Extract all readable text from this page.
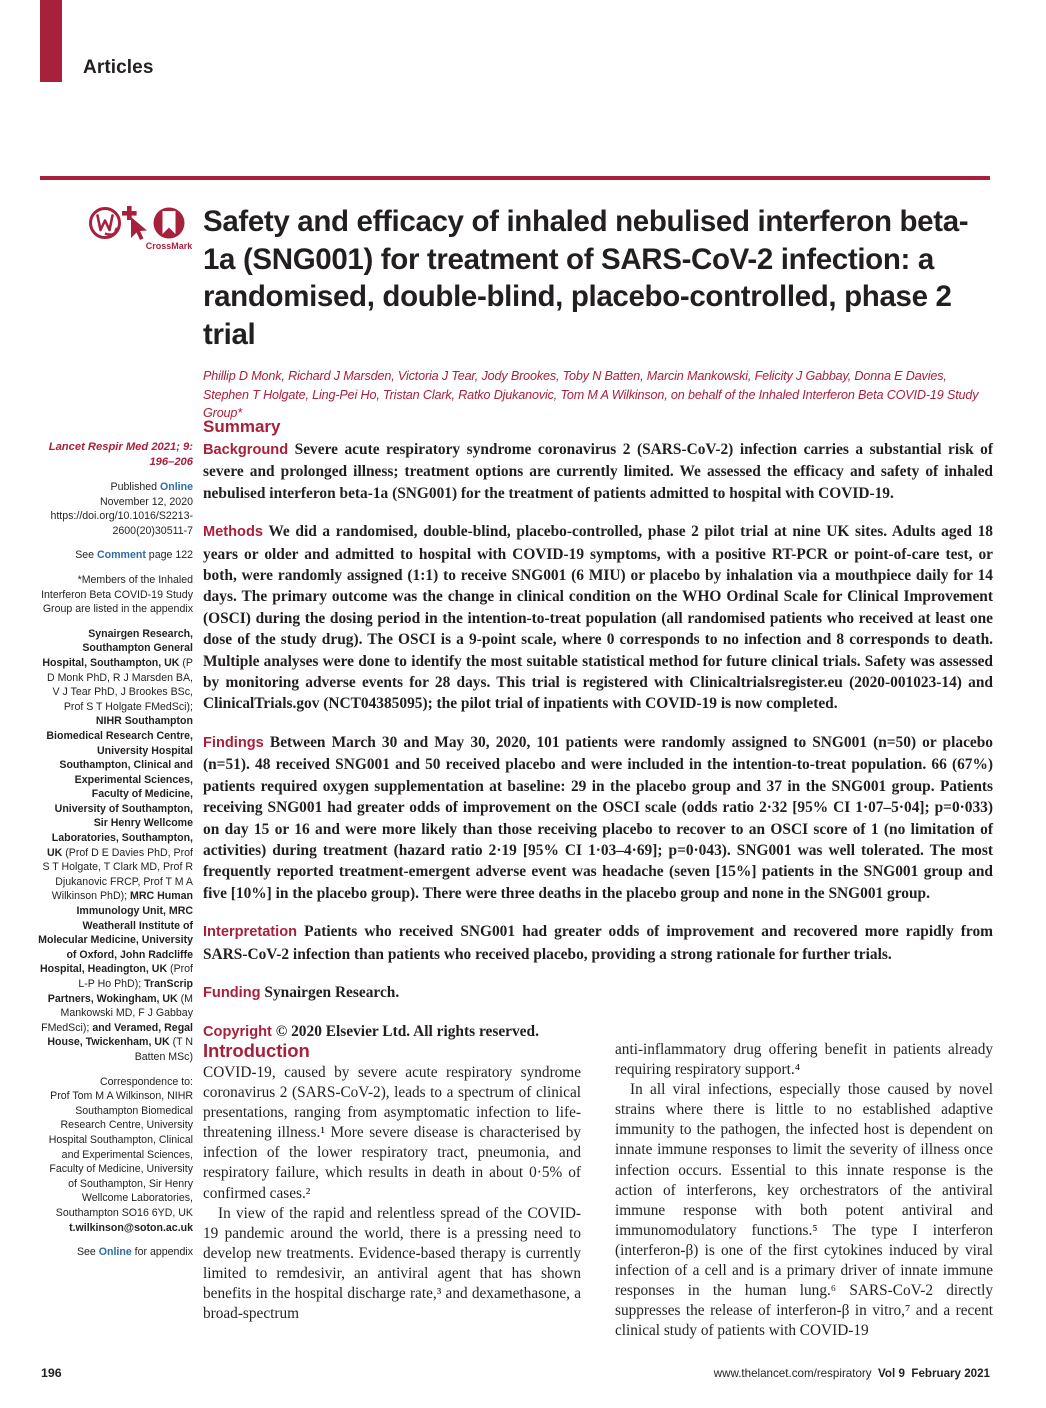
Articles
CrossMark
Safety and efficacy of inhaled nebulised interferon beta-1a (SNG001) for treatment of SARS-CoV-2 infection: a randomised, double-blind, placebo-controlled, phase 2 trial
Phillip D Monk, Richard J Marsden, Victoria J Tear, Jody Brookes, Toby N Batten, Marcin Mankowski, Felicity J Gabbay, Donna E Davies, Stephen T Holgate, Ling-Pei Ho, Tristan Clark, Ratko Djukanovic, Tom M A Wilkinson, on behalf of the Inhaled Interferon Beta COVID-19 Study Group*
Lancet Respir Med 2021; 9: 196–206
Published Online
November 12, 2020
https://doi.org/10.1016/S2213-2600(20)30511-7
See Comment page 122
*Members of the Inhaled Interferon Beta COVID-19 Study Group are listed in the appendix
Synairgen Research, Southampton General Hospital, Southampton, UK (P D Monk PhD, R J Marsden BA, V J Tear PhD, J Brookes BSc, Prof S T Holgate FMedSci); NIHR Southampton Biomedical Research Centre, University Hospital Southampton, Clinical and Experimental Sciences, Faculty of Medicine, University of Southampton, Sir Henry Wellcome Laboratories, Southampton, UK (Prof D E Davies PhD, Prof S T Holgate, T Clark MD, Prof R Djukanovic FRCP, Prof T M A Wilkinson PhD); MRC Human Immunology Unit, MRC Weatherall Institute of Molecular Medicine, University of Oxford, John Radcliffe Hospital, Headington, UK (Prof L-P Ho PhD); TranScrip Partners, Wokingham, UK (M Mankowski MD, F J Gabbay FMedSci); and Veramed, Regal House, Twickenham, UK (T N Batten MSc)
Correspondence to:
Prof Tom M A Wilkinson, NIHR Southampton Biomedical Research Centre, University Hospital Southampton, Clinical and Experimental Sciences, Faculty of Medicine, University of Southampton, Sir Henry Wellcome Laboratories, Southampton SO16 6YD, UK
t.wilkinson@soton.ac.uk
See Online for appendix
Summary

Background Severe acute respiratory syndrome coronavirus 2 (SARS-CoV-2) infection carries a substantial risk of severe and prolonged illness; treatment options are currently limited. We assessed the efficacy and safety of inhaled nebulised interferon beta-1a (SNG001) for the treatment of patients admitted to hospital with COVID-19.

Methods We did a randomised, double-blind, placebo-controlled, phase 2 pilot trial at nine UK sites. Adults aged 18 years or older and admitted to hospital with COVID-19 symptoms, with a positive RT-PCR or point-of-care test, or both, were randomly assigned (1:1) to receive SNG001 (6 MIU) or placebo by inhalation via a mouthpiece daily for 14 days. The primary outcome was the change in clinical condition on the WHO Ordinal Scale for Clinical Improvement (OSCI) during the dosing period in the intention-to-treat population (all randomised patients who received at least one dose of the study drug). The OSCI is a 9-point scale, where 0 corresponds to no infection and 8 corresponds to death. Multiple analyses were done to identify the most suitable statistical method for future clinical trials. Safety was assessed by monitoring adverse events for 28 days. This trial is registered with Clinicaltrialsregister.eu (2020-001023-14) and ClinicalTrials.gov (NCT04385095); the pilot trial of inpatients with COVID-19 is now completed.

Findings Between March 30 and May 30, 2020, 101 patients were randomly assigned to SNG001 (n=50) or placebo (n=51). 48 received SNG001 and 50 received placebo and were included in the intention-to-treat population. 66 (67%) patients required oxygen supplementation at baseline: 29 in the placebo group and 37 in the SNG001 group. Patients receiving SNG001 had greater odds of improvement on the OSCI scale (odds ratio 2·32 [95% CI 1·07–5·04]; p=0·033) on day 15 or 16 and were more likely than those receiving placebo to recover to an OSCI score of 1 (no limitation of activities) during treatment (hazard ratio 2·19 [95% CI 1·03–4·69]; p=0·043). SNG001 was well tolerated. The most frequently reported treatment-emergent adverse event was headache (seven [15%] patients in the SNG001 group and five [10%] in the placebo group). There were three deaths in the placebo group and none in the SNG001 group.

Interpretation Patients who received SNG001 had greater odds of improvement and recovered more rapidly from SARS-CoV-2 infection than patients who received placebo, providing a strong rationale for further trials.

Funding Synairgen Research.

Copyright © 2020 Elsevier Ltd. All rights reserved.

Introduction

COVID-19, caused by severe acute respiratory syndrome coronavirus 2 (SARS-CoV-2), leads to a spectrum of clinical presentations, ranging from asymptomatic infection to life-threatening illness.¹ More severe disease is characterised by infection of the lower respiratory tract, pneumonia, and respiratory failure, which results in death in about 0·5% of confirmed cases.²

In view of the rapid and relentless spread of the COVID-19 pandemic around the world, there is a pressing need to develop new treatments. Evidence-based therapy is currently limited to remdesivir, an antiviral agent that has shown benefits in the hospital discharge rate,³ and dexamethasone, a broad-spectrum

anti-inflammatory drug offering benefit in patients already requiring respiratory support.⁴

In all viral infections, especially those caused by novel strains where there is little to no established adaptive immunity to the pathogen, the infected host is dependent on innate immune responses to limit the severity of illness once infection occurs. Essential to this innate response is the action of interferons, key orchestrators of the antiviral immune response with both potent antiviral and immunomodulatory functions.⁵ The type I interferon (interferon-β) is one of the first cytokines induced by viral infection of a cell and is a primary driver of innate immune responses in the human lung.⁶ SARS-CoV-2 directly suppresses the release of interferon-β in vitro,⁷ and a recent clinical study of patients with COVID-19

196	www.thelancet.com/respiratory Vol 9 February 2021
